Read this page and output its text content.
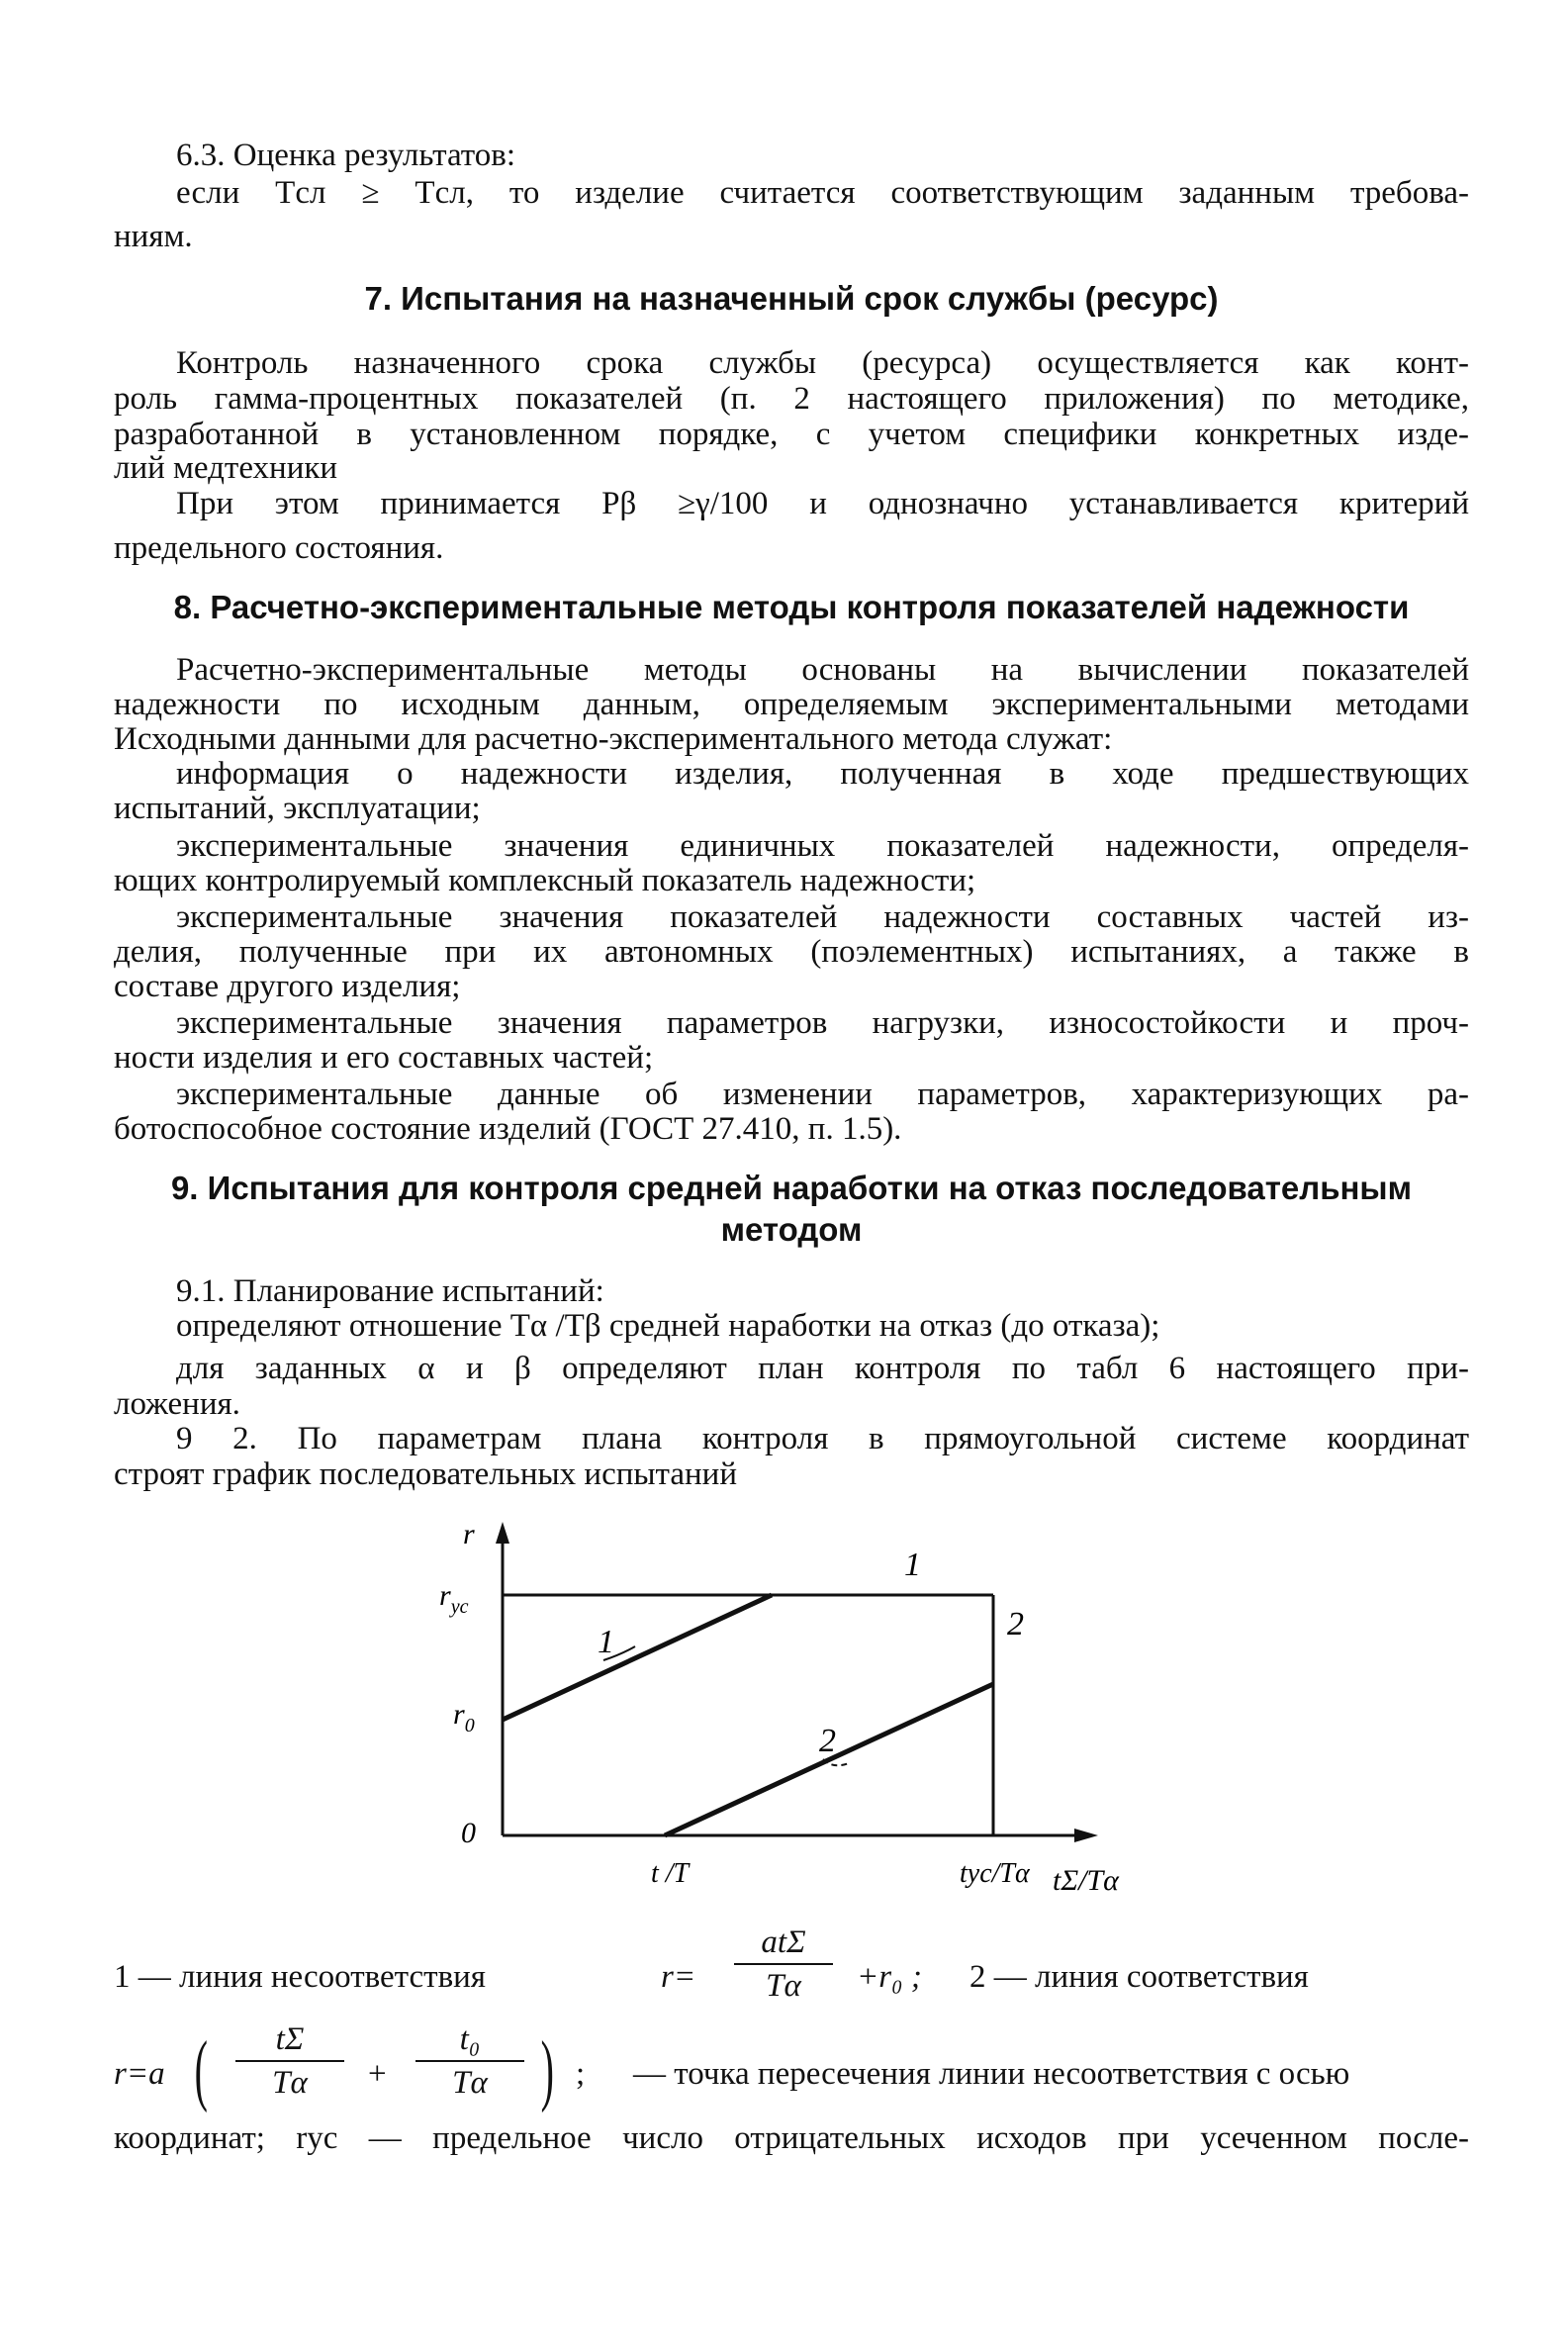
6.3. Оценка результатов:
если Tсл ≥ Tсл, то изделие считается соответствующим заданным требова-
ниям.
7. Испытания на назначенный срок службы (ресурс)
Контроль назначенного срока службы (ресурса) осуществляется как конт-
роль гамма-процентных показателей (п. 2 настоящего приложения) по методике,
разработанной в установленном порядке, с учетом специфики конкретных изде-
лий медтехники
При этом принимается Pβ ≥γ/100 и однозначно устанавливается критерий
предельного состояния.
8. Расчетно-экспериментальные методы контроля показателей надежности
Расчетно-экспериментальные методы основаны на вычислении показателей
надежности по исходным данным, определяемым экспериментальными методами
Исходными данными для расчетно-экспериментального метода служат:
информация о надежности изделия, полученная в ходе предшествующих
испытаний, эксплуатации;
экспериментальные значения единичных показателей надежности, определя-
ющих контролируемый комплексный показатель надежности;
экспериментальные значения показателей надежности составных частей из-
делия, полученные при их автономных (поэлементных) испытаниях, а также в
составе другого изделия;
экспериментальные значения параметров нагрузки, износостойкости и проч-
ности изделия и его составных частей;
экспериментальные данные об изменении параметров, характеризующих ра-
ботоспособное состояние изделий (ГОСТ 27.410, п. 1.5).
9. Испытания для контроля средней наработки на отказ последовательным
методом
9.1. Планирование испытаний:
определяют отношение Tα /Tβ средней наработки на отказ (до отказа);
для заданных α и β определяют план контроля по табл 6 настоящего при-
ложения.
9 2. По параметрам плана контроля в прямоугольной системе координат
строят график последовательных испытаний
r
$r_{ус}$
$r_0$
0
t /T	tус/Tα tΣ/Tα
1
1	2
2
1 — линия несоответствия	r=
atΣ
Tα	+r₀ ; 2 — линия соответствия
r=a (	tΣ
Tα	+
t₀
Tα ) ; — точка пересечения линии несоответствия с осью
координат; rус — предельное число отрицательных исходов при усеченном после-
